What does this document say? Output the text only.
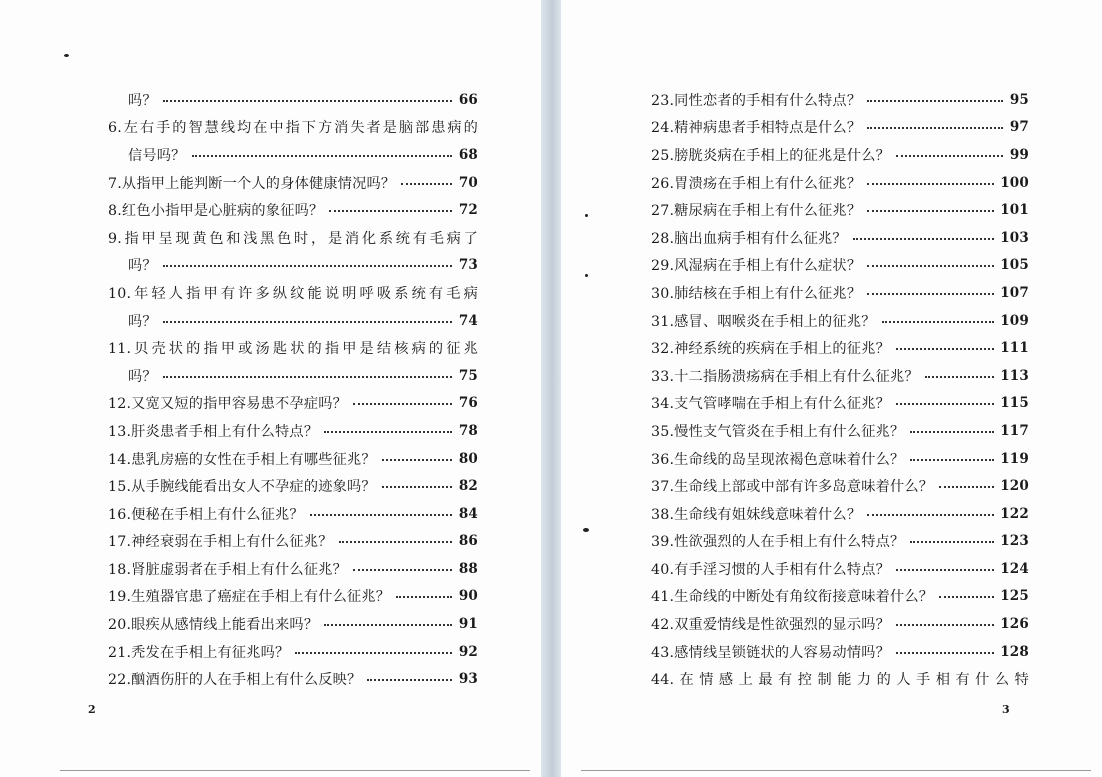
吗？	66
6.左右手的智慧线均在中指下方消失者是脑部患病的
信号吗？	68
7.从指甲上能判断一个人的身体健康情况吗？	70
8.红色小指甲是心脏病的象征吗？	72
9.指甲呈现黄色和浅黑色时，是消化系统有毛病了
吗？	73
10.年轻人指甲有许多纵纹能说明呼吸系统有毛病
吗？	74
11.贝壳状的指甲或汤匙状的指甲是结核病的征兆
吗？	75
12.又宽又短的指甲容易患不孕症吗？	76
13.肝炎患者手相上有什么特点？	78
14.患乳房癌的女性在手相上有哪些征兆？	80
15.从手腕线能看出女人不孕症的迹象吗？	82
16.便秘在手相上有什么征兆？	84
17.神经衰弱在手相上有什么征兆？	86
18.肾脏虚弱者在手相上有什么征兆？	88
19.生殖器官患了癌症在手相上有什么征兆？	90
20.眼疾从感情线上能看出来吗？	91
21.秃发在手相上有征兆吗？	92
22.酗酒伤肝的人在手相上有什么反映？	93
2
23.同性恋者的手相有什么特点？	95
24.精神病患者手相特点是什么？	97
25.膀胱炎病在手相上的征兆是什么？	99
26.胃溃疡在手相上有什么征兆？	100
27.糖尿病在手相上有什么征兆？	101
28.脑出血病手相有什么征兆？	103
29.风湿病在手相上有什么症状？	105
30.肺结核在手相上有什么征兆？	107
31.感冒、咽喉炎在手相上的征兆？	109
32.神经系统的疾病在手相上的征兆？	111
33.十二指肠溃疡病在手相上有什么征兆？	113
34.支气管哮喘在手相上有什么征兆？	115
35.慢性支气管炎在手相上有什么征兆？	117
36.生命线的岛呈现浓褐色意味着什么？	119
37.生命线上部或中部有许多岛意味着什么？	120
38.生命线有姐妹线意味着什么？	122
39.性欲强烈的人在手相上有什么特点？	123
40.有手淫习惯的人手相有什么特点？	124
41.生命线的中断处有角纹衔接意味着什么？	125
42.双重爱情线是性欲强烈的显示吗？	126
43.感情线呈锁链状的人容易动情吗？	128
44.在情感上最有控制能力的人手相有什么特
3
